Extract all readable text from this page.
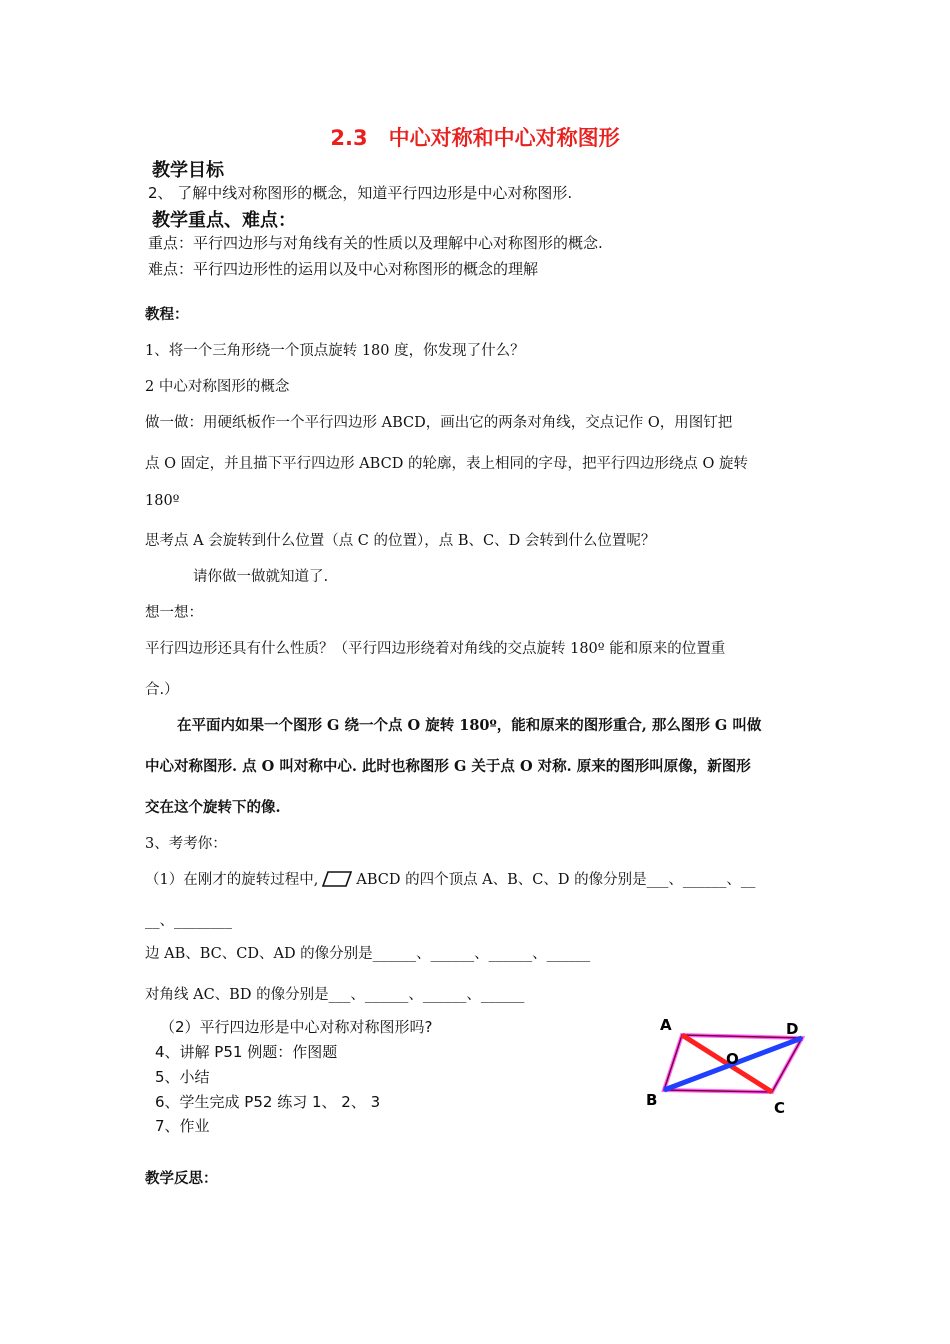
2.3　中心对称和中心对称图形
教学目标
2、 了解中线对称图形的概念，知道平行四边形是中心对称图形.
教学重点、难点：
重点：平行四边形与对角线有关的性质以及理解中心对称图形的概念.
难点：平行四边形性的运用以及中心对称图形的概念的理解
教程：
1、将一个三角形绕一个顶点旋转 180 度，你发现了什么？
2 中心对称图形的概念
做一做：用硬纸板作一个平行四边形 ABCD，画出它的两条对角线，交点记作 O，用图钉把
点 O 固定，并且描下平行四边形 ABCD 的轮廓，表上相同的字母，把平行四边形绕点 O 旋转
180º
思考点 A 会旋转到什么位置（点 C 的位置），点 B、C、D 会转到什么位置呢？
请你做一做就知道了.
想一想：
平行四边形还具有什么性质？（平行四边形绕着对角线的交点旋转 180º 能和原来的位置重
合.）
在平面内如果一个图形 G 绕一个点 O 旋转 180º，能和原来的图形重合, 那么图形 G 叫做
中心对称图形. 点 O 叫对称中心. 此时也称图形 G 关于点 O 对称. 原来的图形叫原像，新图形
交在这个旋转下的像.
3、考考你：
（1）在刚才的旋转过程中,	ABCD 的四个顶点 A、B、C、D 的像分别是___、______、__
__、________
边 AB、BC、CD、AD 的像分别是______、______、______、______
对角线 AC、BD 的像分别是___、______、______、______
（2）平行四边形是中心对称对称图形吗?
4、讲解 P51 例题：作图题
5、小结
6、学生完成 P52 练习 1、 2、 3
7、作业
教学反思：
A	D
O
B	C
